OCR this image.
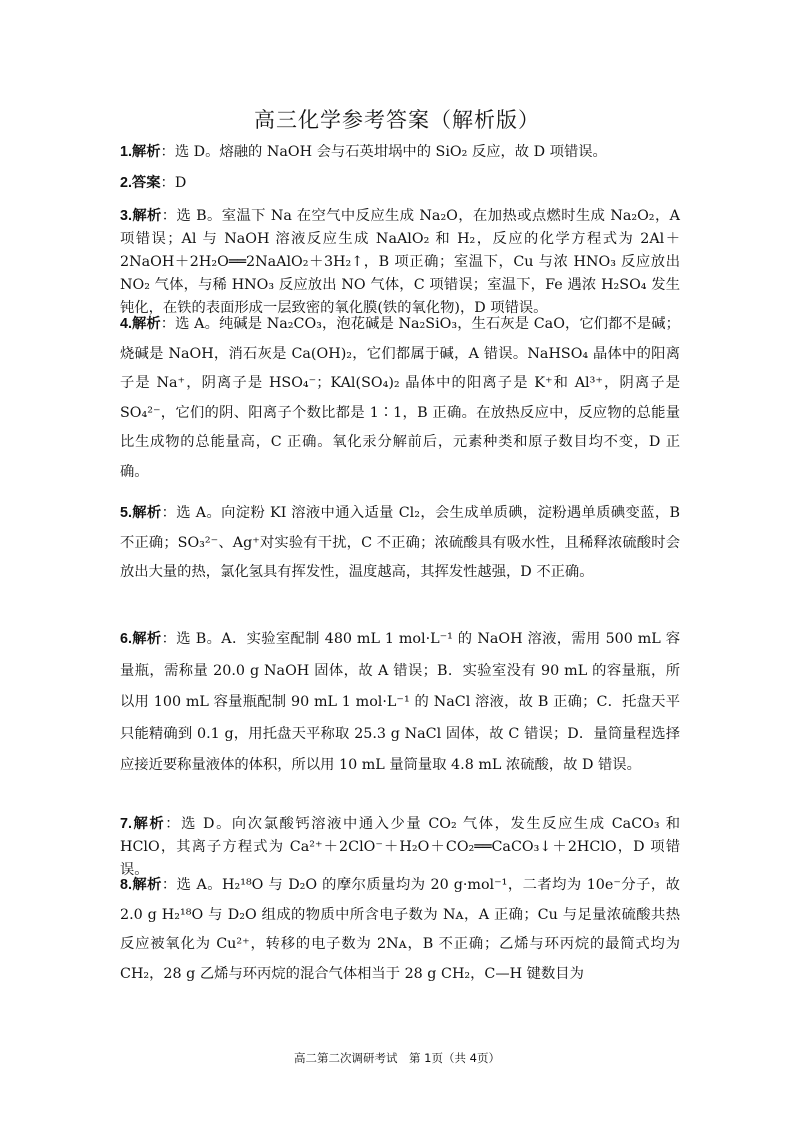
高三化学参考答案（解析版）

1.解析：选 D。熔融的 NaOH 会与石英坩埚中的 SiO₂ 反应，故 D 项错误。

2.答案：D

3.解析：选 B。室温下 Na 在空气中反应生成 Na₂O，在加热或点燃时生成 Na₂O₂，A 项错误；Al 与 NaOH 溶液反应生成 NaAlO₂ 和 H₂，反应的化学方程式为 2Al＋2NaOH＋2H₂O══2NaAlO₂＋3H₂↑，B 项正确；室温下，Cu 与浓 HNO₃ 反应放出 NO₂ 气体，与稀 HNO₃ 反应放出 NO 气体，C 项错误；室温下，Fe 遇浓 H₂SO₄ 发生钝化，在铁的表面形成一层致密的氧化膜(铁的氧化物)，D 项错误。

4.解析：选 A。纯碱是 Na₂CO₃，泡花碱是 Na₂SiO₃，生石灰是 CaO，它们都不是碱；烧碱是 NaOH，消石灰是 Ca(OH)₂，它们都属于碱，A 错误。NaHSO₄ 晶体中的阳离子是 Na⁺，阴离子是 HSO₄⁻；KAl(SO₄)₂ 晶体中的阳离子是 K⁺和 Al³⁺，阴离子是 SO₄²⁻，它们的阴、阳离子个数比都是 1∶1，B 正确。在放热反应中，反应物的总能量比生成物的总能量高，C 正确。氧化汞分解前后，元素种类和原子数目均不变，D 正确。

5.解析：选 A。向淀粉 KI 溶液中通入适量 Cl₂，会生成单质碘，淀粉遇单质碘变蓝，B 不正确；SO₃²⁻、Ag⁺对实验有干扰，C 不正确；浓硫酸具有吸水性，且稀释浓硫酸时会放出大量的热，氯化氢具有挥发性，温度越高，其挥发性越强，D 不正确。

6.解析：选 B。A．实验室配制 480 mL 1 mol·L⁻¹ 的 NaOH 溶液，需用 500 mL 容量瓶，需称量 20.0 g NaOH 固体，故 A 错误；B．实验室没有 90 mL 的容量瓶，所以用 100 mL 容量瓶配制 90 mL 1 mol·L⁻¹ 的 NaCl 溶液，故 B 正确；C．托盘天平只能精确到 0.1 g，用托盘天平称取 25.3 g NaCl 固体，故 C 错误；D．量筒量程选择应接近要称量液体的体积，所以用 10 mL 量筒量取 4.8 mL 浓硫酸，故 D 错误。

7.解析：选 D。向次氯酸钙溶液中通入少量 CO₂ 气体，发生反应生成 CaCO₃ 和 HClO，其离子方程式为 Ca²⁺＋2ClO⁻＋H₂O＋CO₂══CaCO₃↓＋2HClO，D 项错误。

8.解析：选 A。H₂¹⁸O 与 D₂O 的摩尔质量均为 20 g·mol⁻¹，二者均为 10e⁻分子，故 2.0 g H₂¹⁸O 与 D₂O 组成的物质中所含电子数为 Nᴀ，A 正确；Cu 与足量浓硫酸共热反应被氧化为 Cu²⁺，转移的电子数为 2Nᴀ，B 不正确；乙烯与环丙烷的最简式均为 CH₂，28 g 乙烯与环丙烷的混合气体相当于 28 g CH₂，C—H 键数目为

高二第二次调研考试　第 1页（共 4页）
